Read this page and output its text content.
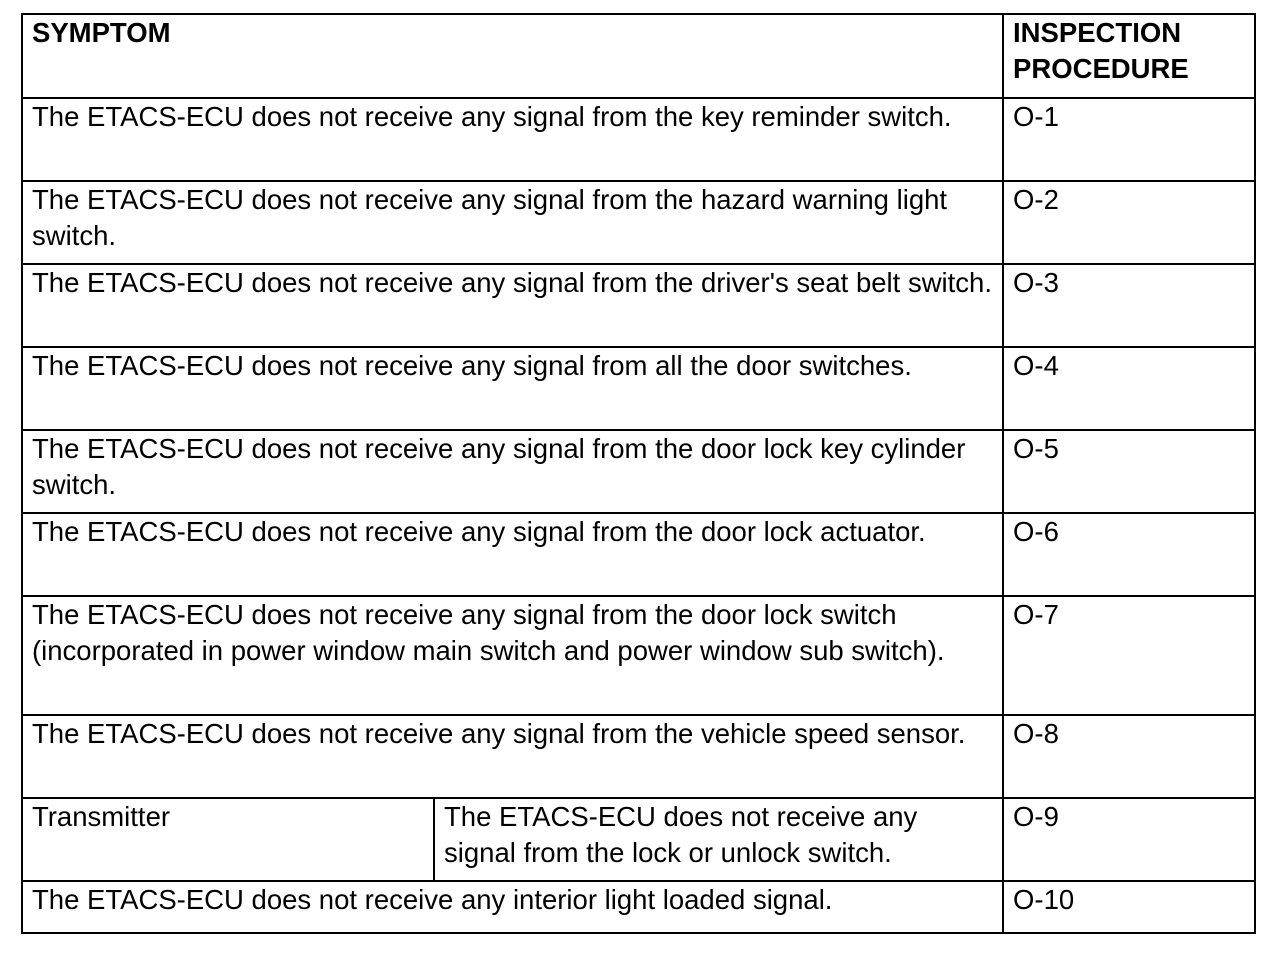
SYMPTOM		INSPECTION PROCEDURE
The ETACS-ECU does not receive any signal from the key reminder switch.		O-1
The ETACS-ECU does not receive any signal from the hazard warning light switch.		O-2
The ETACS-ECU does not receive any signal from the driver's seat belt switch.		O-3
The ETACS-ECU does not receive any signal from all the door switches.		O-4
The ETACS-ECU does not receive any signal from the door lock key cylinder switch.		O-5
The ETACS-ECU does not receive any signal from the door lock actuator.		O-6
The ETACS-ECU does not receive any signal from the door lock switch (incorporated in power window main switch and power window sub switch).		O-7
The ETACS-ECU does not receive any signal from the vehicle speed sensor.		O-8
Transmitter	The ETACS-ECU does not receive any signal from the lock or unlock switch.	O-9
The ETACS-ECU does not receive any interior light loaded signal.		O-10
